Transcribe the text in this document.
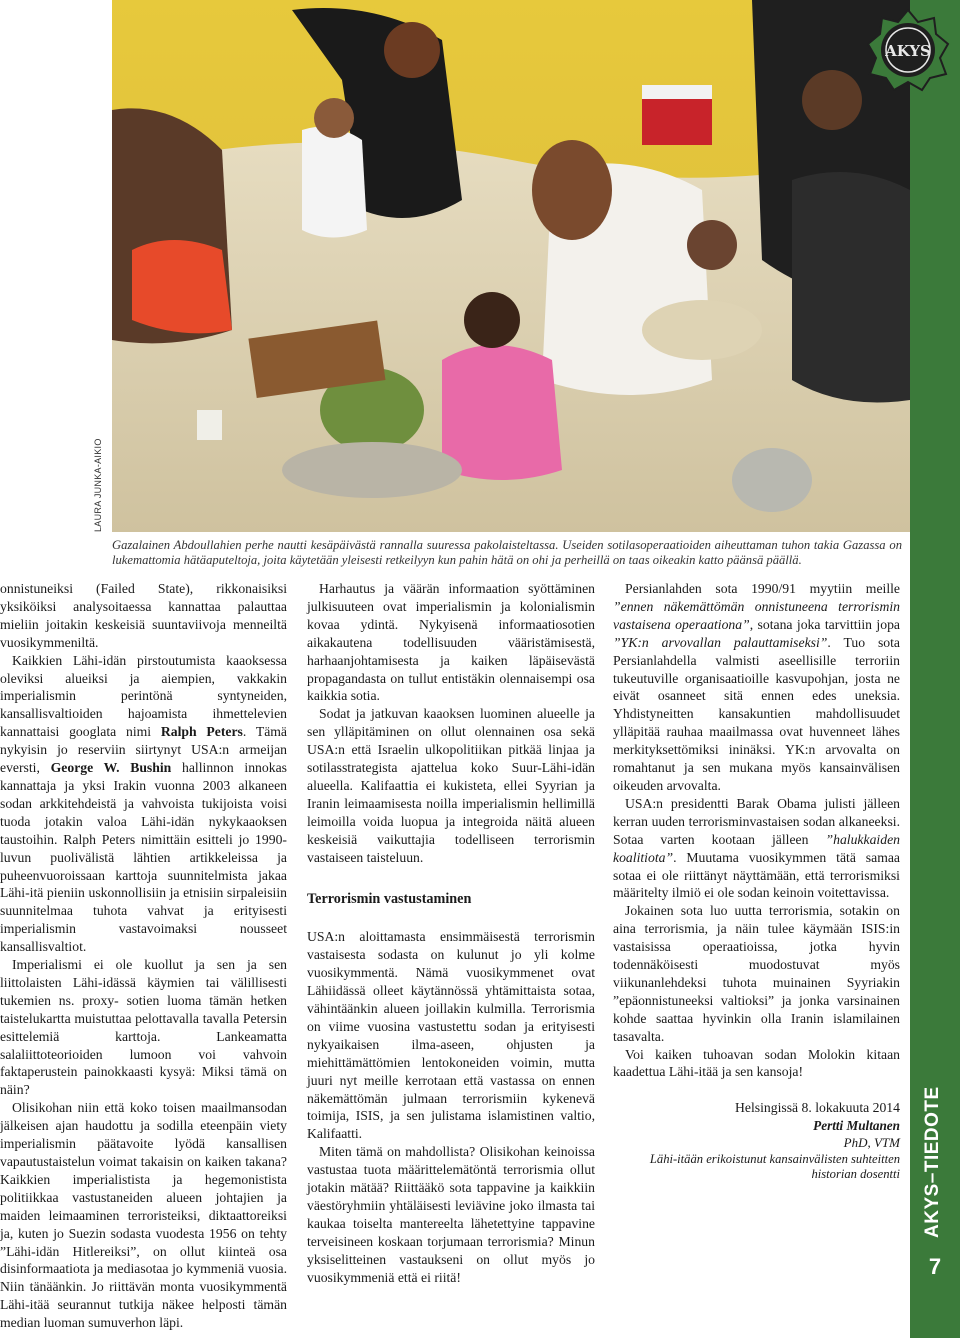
LAURA JUNKA-AIKIO
Gazalainen Abdoullahien perhe nautti kesäpäivästä rannalla suuressa pakolaisteltassa. Useiden sotilasoperaatioiden aiheuttaman tuhon takia Gazassa on lukemattomia hätäaputeltoja, joita käytetään yleisesti retkeilyyn kun pahin hätä on ohi ja perheillä on taas oikeakin katto päänsä päällä.
AKYS
AKYS–TIEDOTE
7

onnistuneiksi (Failed State), rikkonaisiksi yksiköiksi analysoitaessa kannattaa palauttaa mieliin joitakin keskeisiä suuntaviivoja menneiltä vuosikymmeniltä.

Kaikkien Lähi-idän pirstoutumista kaaoksessa oleviksi alueiksi ja aiempien, vakkakin imperialismin perintönä syntyneiden, kansallisvaltioiden hajoamista ihmettelevien kannattaisi googlata nimi Ralph Peters. Tämä nykyisin jo reserviin siirtynyt USA:n armeijan eversti, George W. Bushin hallinnon innokas kannattaja ja yksi Irakin vuonna 2003 alkaneen sodan arkkitehdeistä ja vahvoista tukijoista voisi tuoda jotakin valoa Lähi-idän nykykaaoksen taustoihin. Ralph Peters nimittäin esitteli jo 1990-luvun puolivälistä lähtien artikkeleissa ja puheenvuoroissaan karttoja suunnitelmista jakaa Lähi-itä pieniin uskonnollisiin ja etnisiin sirpaleisiin suunnitelmaa tuhota vahvat ja erityisesti imperialismin vastavoimaksi nousseet kansallisvaltiot.

Imperialismi ei ole kuollut ja sen ja sen liittolaisten Lähi-idässä käymien tai välillisesti tukemien ns. proxy- sotien luoma tämän hetken taistelukartta muistuttaa pelottavalla tavalla Petersin esittelemiä karttoja. Lankeamatta salaliittoteorioiden lumoon voi vahvoin faktaperustein painokkaasti kysyä: Miksi tämä on näin?

Olisikohan niin että koko toisen maailmansodan jälkeisen ajan haudottu ja sodilla eteenpäin viety imperialismin päätavoite lyödä kansallisen vapautustaistelun voimat takaisin on kaiken takana? Kaikkien imperialistista ja hegemonistista politiikkaa vastustaneiden alueen johtajien ja maiden leimaaminen terroristeiksi, diktaattoreiksi ja, kuten jo Suezin sodasta vuodesta 1956 on tehty ”Lähi-idän Hitlereiksi”, on ollut kiinteä osa disinformaatiota ja mediasotaa jo kymmeniä vuosia. Niin tänäänkin. Jo riittävän monta vuosikymmentä Lähi-itää seurannut tutkija näkee helposti tämän median luoman sumuverhon läpi.

Harhautus ja väärän informaation syöttäminen julkisuuteen ovat imperialismin ja kolonialismin kovaa ydintä. Nykyisenä informaatiosotien aikakautena todellisuuden vääristämisestä, harhaanjohtamisesta ja kaiken läpäisevästä propagandasta on tullut entistäkin olennaisempi osa kaikkia sotia.

Sodat ja jatkuvan kaaoksen luominen alueelle ja sen ylläpitäminen on ollut olennainen osa sekä USA:n että Israelin ulkopolitiikan pitkää linjaa ja sotilasstrategista ajattelua koko Suur-Lähi-idän alueella. Kalifaattia ei kukisteta, ellei Syyrian ja Iranin leimaamisesta noilla imperialismin hellimillä leimoilla voida luopua ja integroida näitä alueen keskeisiä vaikuttajia todelliseen terrorismin vastaiseen taisteluun.

Terrorismin vastustaminen

USA:n aloittamasta ensimmäisestä terrorismin vastaisesta sodasta on kulunut jo yli kolme vuosikymmentä. Nämä vuosikymmenet ovat Lähiidässä olleet käytännössä yhtämittaista sotaa, vähintäänkin alueen joillakin kulmilla. Terrorismia on viime vuosina vastustettu sodan ja erityisesti nykyaikaisen ilma-aseen, ohjusten ja miehittämättömien lentokoneiden voimin, mutta juuri nyt meille kerrotaan että vastassa on ennen näkemättömän julmaan terrorismiin kykenevä toimija, ISIS, ja sen julistama islamistinen valtio, Kalifaatti.

Miten tämä on mahdollista? Olisikohan keinoissa vastustaa tuota määrittelemätöntä terrorismia ollut jotakin mätää? Riittääkö sota tappavine ja kaikkiin väestöryhmiin yhtäläisesti leviävine joko ilmasta tai kaukaa toiselta mantereelta lähetettyine tappavine terveisineen koskaan torjumaan terrorismia? Minun yksiselitteinen vastaukseni on ollut myös jo vuosikymmeniä että ei riitä!

Persianlahden sota 1990/91 myytiin meille ”ennen näkemättömän onnistuneena terrorismin vastaisena operaationa”, sotana joka tarvittiin jopa ”YK:n arvovallan palauttamiseksi”. Tuo sota Persianlahdella valmisti aseellisille terroriin tukeutuville organisaatioille kasvupohjan, josta ne eivät osanneet sitä ennen edes uneksia. Yhdistyneitten kansakuntien mahdollisuudet ylläpitää rauhaa maailmassa ovat huvenneet lähes merkityksettömiksi ininäksi. YK:n arvovalta on romahtanut ja sen mukana myös kansainvälisen oikeuden arvovalta.

USA:n presidentti Barak Obama julisti jälleen kerran uuden terrorisminvastaisen sodan alkaneeksi. Sotaa varten kootaan jälleen ”halukkaiden koalitiota”. Muutama vuosikymmen tätä samaa sotaa ei ole riittänyt näyttämään, että terrorismiksi määritelty ilmiö ei ole sodan keinoin voitettavissa.

Jokainen sota luo uutta terrorismia, sotakin on aina terrorismia, ja näin tulee käymään ISIS:in vastaisissa operaatioissa, jotka hyvin todennäköisesti muodostuvat myös viikunanlehdeksi tuhota muinainen Syyriakin ”epäonnistuneeksi valtioksi” ja jonka varsinainen kohde saattaa hyvinkin olla Iranin islamilainen tasavalta.

Voi kaiken tuhoavan sodan Molokin kitaan kaadettua Lähi-itää ja sen kansoja!

Helsingissä 8. lokakuuta 2014
Pertti Multanen
PhD, VTM
Lähi-itään erikoistunut kansainvälisten suhteitten historian dosentti
